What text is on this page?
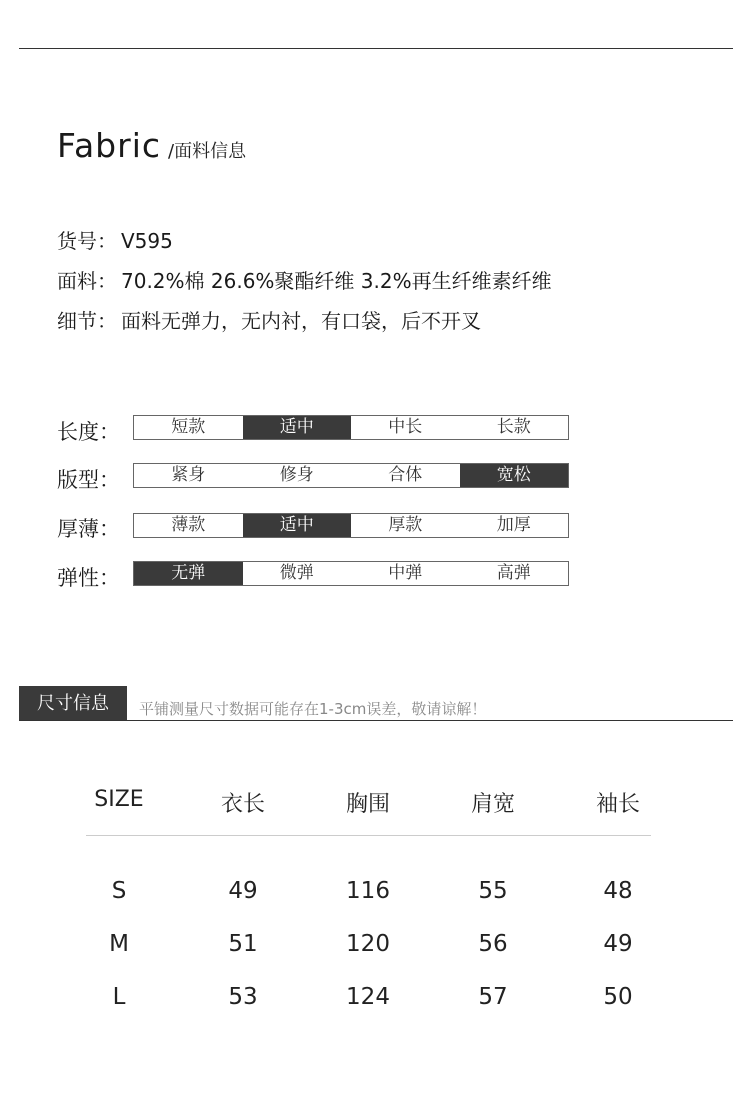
Fabric /面料信息
货号： V595
面料： 70.2%棉 26.6%聚酯纤维 3.2%再生纤维素纤维
细节： 面料无弹力，无内衬，有口袋，后不开叉
长度：	短款	适中	中长	长款
版型：	紧身	修身	合体	宽松
厚薄：	薄款	适中	厚款	加厚
弹性：	无弹	微弹	中弹	高弹
尺寸信息	平铺测量尺寸数据可能存在1-3cm误差，敬请谅解！
SIZE	衣长	胸围	肩宽	袖长
S	49	116	55	48
M	51	120	56	49
L	53	124	57	50
